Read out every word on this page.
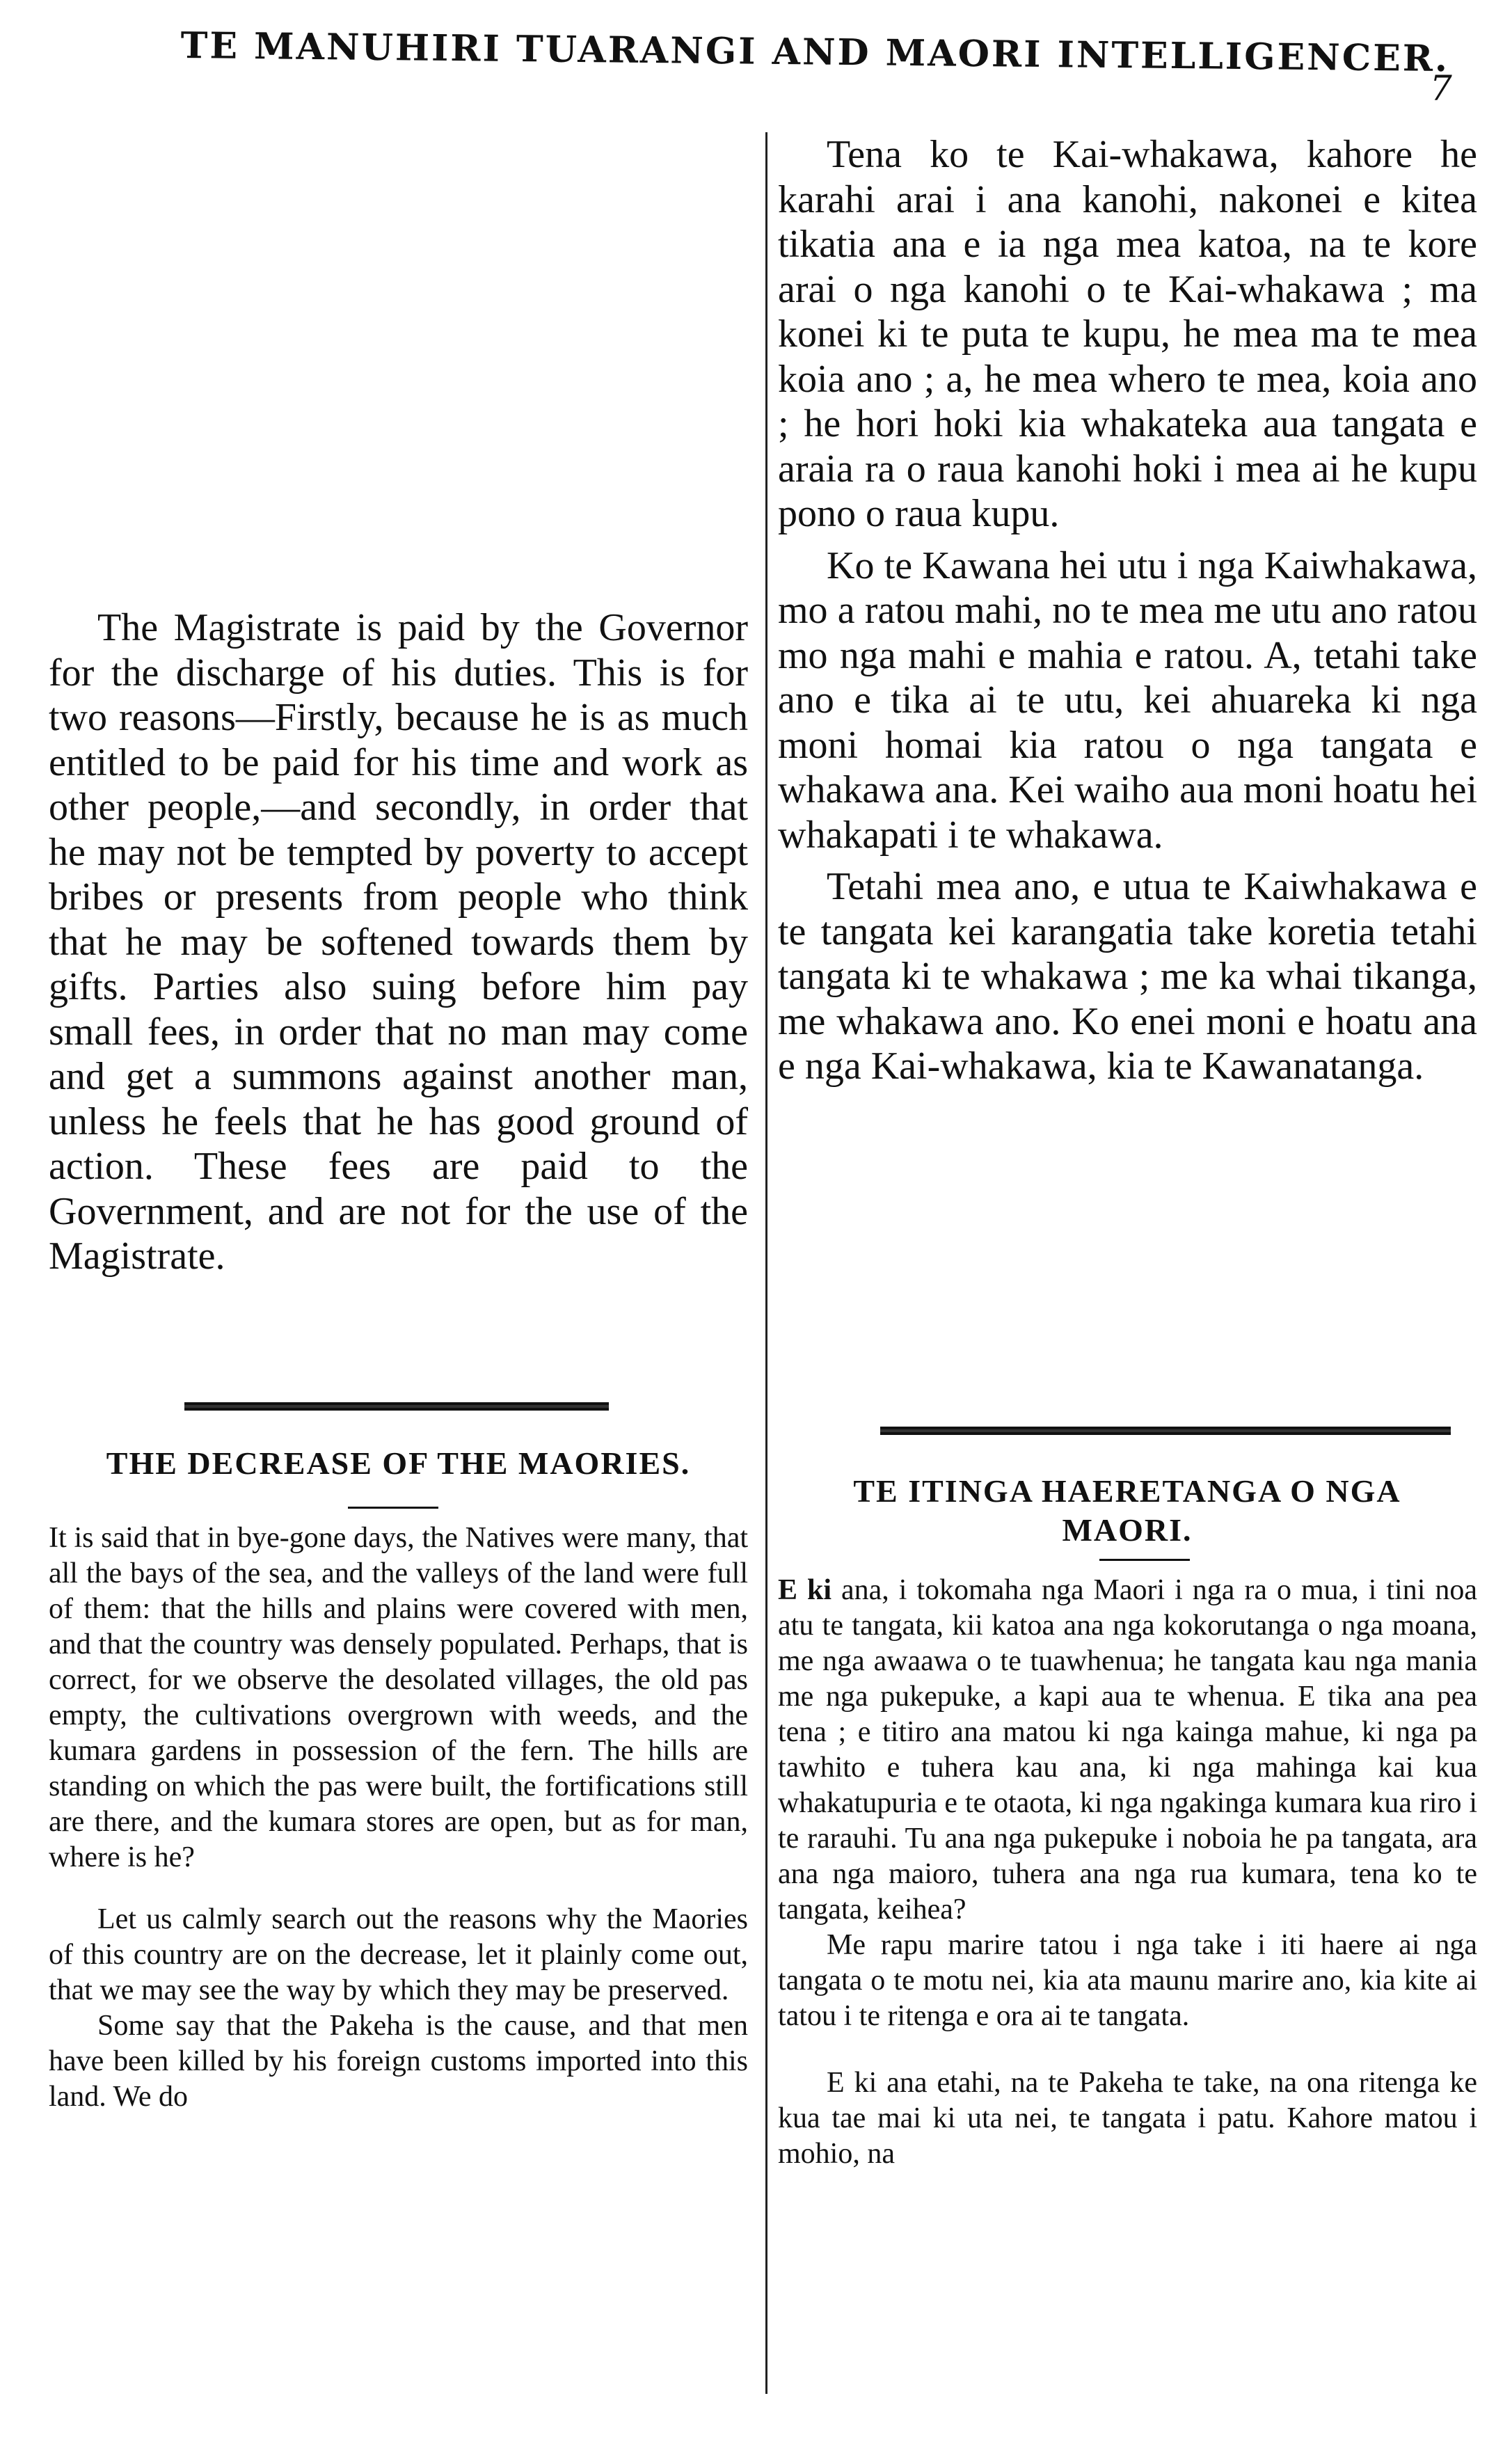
TE MANUHIRI TUARANGI AND MAORI INTELLIGENCER.
7

The Magistrate is paid by the Governor for the discharge of his duties. This is for two reasons—Firstly, because he is as much entitled to be paid for his time and work as other people,—and secondly, in order that he may not be tempted by poverty to accept bribes or presents from people who think that he may be softened towards them by gifts. Parties also suing before him pay small fees, in order that no man may come and get a summons against another man, unless he feels that he has good ground of action. These fees are paid to the Government, and are not for the use of the Magistrate.

THE DECREASE OF THE MAORIES.

It is said that in bye-gone days, the Natives were many, that all the bays of the sea, and the valleys of the land were full of them: that the hills and plains were covered with men, and that the country was densely populated. Perhaps, that is correct, for we observe the desolated villages, the old pas empty, the cultivations overgrown with weeds, and the kumara gardens in possession of the fern. The hills are standing on which the pas were built, the fortifications still are there, and the kumara stores are open, but as for man, where is he?

Let us calmly search out the reasons why the Maories of this country are on the decrease, let it plainly come out, that we may see the way by which they may be preserved.

Some say that the Pakeha is the cause, and that men have been killed by his foreign customs imported into this land. We do

Tena ko te Kai-whakawa, kahore he karahi arai i ana kanohi, nakonei e kitea tikatia ana e ia nga mea katoa, na te kore arai o nga kanohi o te Kai-whakawa ; ma konei ki te puta te kupu, he mea ma te mea koia ano ; a, he mea whero te mea, koia ano ; he hori hoki kia whakateka aua tangata e araia ra o raua kanohi hoki i mea ai he kupu pono o raua kupu.

Ko te Kawana hei utu i nga Kaiwhakawa, mo a ratou mahi, no te mea me utu ano ratou mo nga mahi e mahia e ratou. A, tetahi take ano e tika ai te utu, kei ahuareka ki nga moni homai kia ratou o nga tangata e whakawa ana. Kei waiho aua moni hoatu hei whakapati i te whakawa.

Tetahi mea ano, e utua te Kaiwhakawa e te tangata kei karangatia take koretia tetahi tangata ki te whakawa ; me ka whai tikanga, me whakawa ano. Ko enei moni e hoatu ana e nga Kai-whakawa, kia te Kawanatanga.

TE ITINGA HAERETANGA O NGA MAORI.

E ki ana, i tokomaha nga Maori i nga ra o mua, i tini noa atu te tangata, kii katoa ana nga kokorutanga o nga moana, me nga awaawa o te tuawhenua; he tangata kau nga mania me nga pukepuke, a kapi aua te whenua. E tika ana pea tena ; e titiro ana matou ki nga kainga mahue, ki nga pa tawhito e tuhera kau ana, ki nga mahinga kai kua whakatupuria e te otaota, ki nga ngakinga kumara kua riro i te rarauhi. Tu ana nga pukepuke i noboia he pa tangata, ara ana nga maioro, tuhera ana nga rua kumara, tena ko te tangata, keihea?

Me rapu marire tatou i nga take i iti haere ai nga tangata o te motu nei, kia ata maunu marire ano, kia kite ai tatou i te ritenga e ora ai te tangata.

E ki ana etahi, na te Pakeha te take, na ona ritenga ke kua tae mai ki uta nei, te tangata i patu. Kahore matou i mohio, na
